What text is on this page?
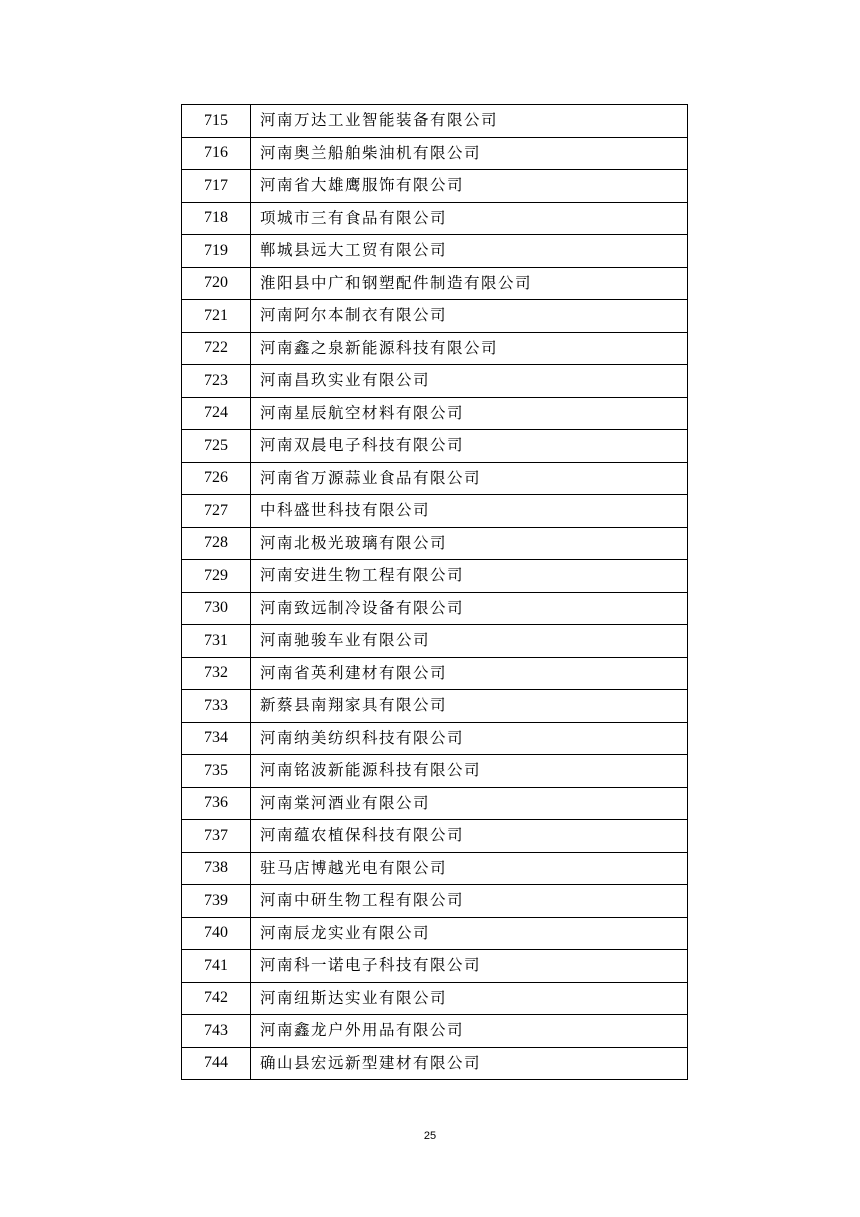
715	河南万达工业智能装备有限公司
716	河南奥兰船舶柴油机有限公司
717	河南省大雄鹰服饰有限公司
718	项城市三有食品有限公司
719	郸城县远大工贸有限公司
720	淮阳县中广和钢塑配件制造有限公司
721	河南阿尔本制衣有限公司
722	河南鑫之泉新能源科技有限公司
723	河南昌玖实业有限公司
724	河南星辰航空材料有限公司
725	河南双晨电子科技有限公司
726	河南省万源蒜业食品有限公司
727	中科盛世科技有限公司
728	河南北极光玻璃有限公司
729	河南安进生物工程有限公司
730	河南致远制冷设备有限公司
731	河南驰骏车业有限公司
732	河南省英利建材有限公司
733	新蔡县南翔家具有限公司
734	河南纳美纺织科技有限公司
735	河南铭波新能源科技有限公司
736	河南棠河酒业有限公司
737	河南蕴农植保科技有限公司
738	驻马店博越光电有限公司
739	河南中研生物工程有限公司
740	河南辰龙实业有限公司
741	河南科一诺电子科技有限公司
742	河南纽斯达实业有限公司
743	河南鑫龙户外用品有限公司
744	确山县宏远新型建材有限公司
25
